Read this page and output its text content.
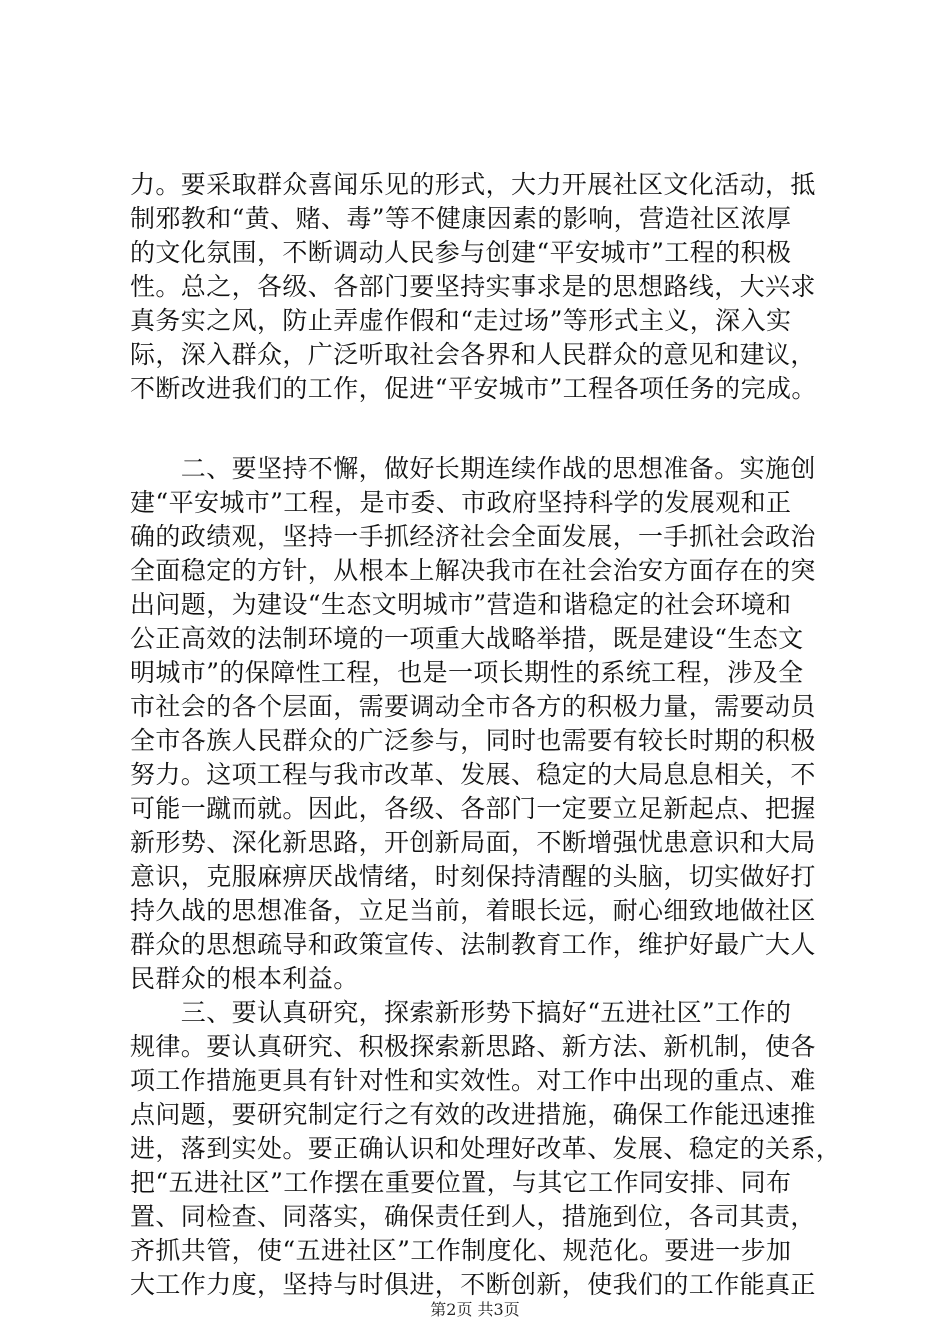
力。要采取群众喜闻乐见的形式，大力开展社区文化活动，抵
制邪教和“黄、赌、毒”等不健康因素的影响，营造社区浓厚
的文化氛围，不断调动人民参与创建“平安城市”工程的积极
性。总之，各级、各部门要坚持实事求是的思想路线，大兴求
真务实之风，防止弄虚作假和“走过场”等形式主义，深入实
际，深入群众，广泛听取社会各界和人民群众的意见和建议，
不断改进我们的工作，促进“平安城市”工程各项任务的完成。
　　二、要坚持不懈，做好长期连续作战的思想准备。实施创
建“平安城市”工程，是市委、市政府坚持科学的发展观和正
确的政绩观，坚持一手抓经济社会全面发展，一手抓社会政治
全面稳定的方针，从根本上解决我市在社会治安方面存在的突
出问题，为建设“生态文明城市”营造和谐稳定的社会环境和
公正高效的法制环境的一项重大战略举措，既是建设“生态文
明城市”的保障性工程，也是一项长期性的系统工程，涉及全
市社会的各个层面，需要调动全市各方的积极力量，需要动员
全市各族人民群众的广泛参与，同时也需要有较长时期的积极
努力。这项工程与我市改革、发展、稳定的大局息息相关，不
可能一蹴而就。因此，各级、各部门一定要立足新起点、把握
新形势、深化新思路，开创新局面，不断增强忧患意识和大局
意识，克服麻痹厌战情绪，时刻保持清醒的头脑，切实做好打
持久战的思想准备，立足当前，着眼长远，耐心细致地做社区
群众的思想疏导和政策宣传、法制教育工作，维护好最广大人
民群众的根本利益。
　　三、要认真研究，探索新形势下搞好“五进社区”工作的
规律。要认真研究、积极探索新思路、新方法、新机制，使各
项工作措施更具有针对性和实效性。对工作中出现的重点、难
点问题，要研究制定行之有效的改进措施，确保工作能迅速推
进，落到实处。要正确认识和处理好改革、发展、稳定的关系，
把“五进社区”工作摆在重要位置，与其它工作同安排、同布
置、同检查、同落实，确保责任到人，措施到位，各司其责，
齐抓共管，使“五进社区”工作制度化、规范化。要进一步加
大工作力度，坚持与时俱进，不断创新，使我们的工作能真正
第2页 共3页
